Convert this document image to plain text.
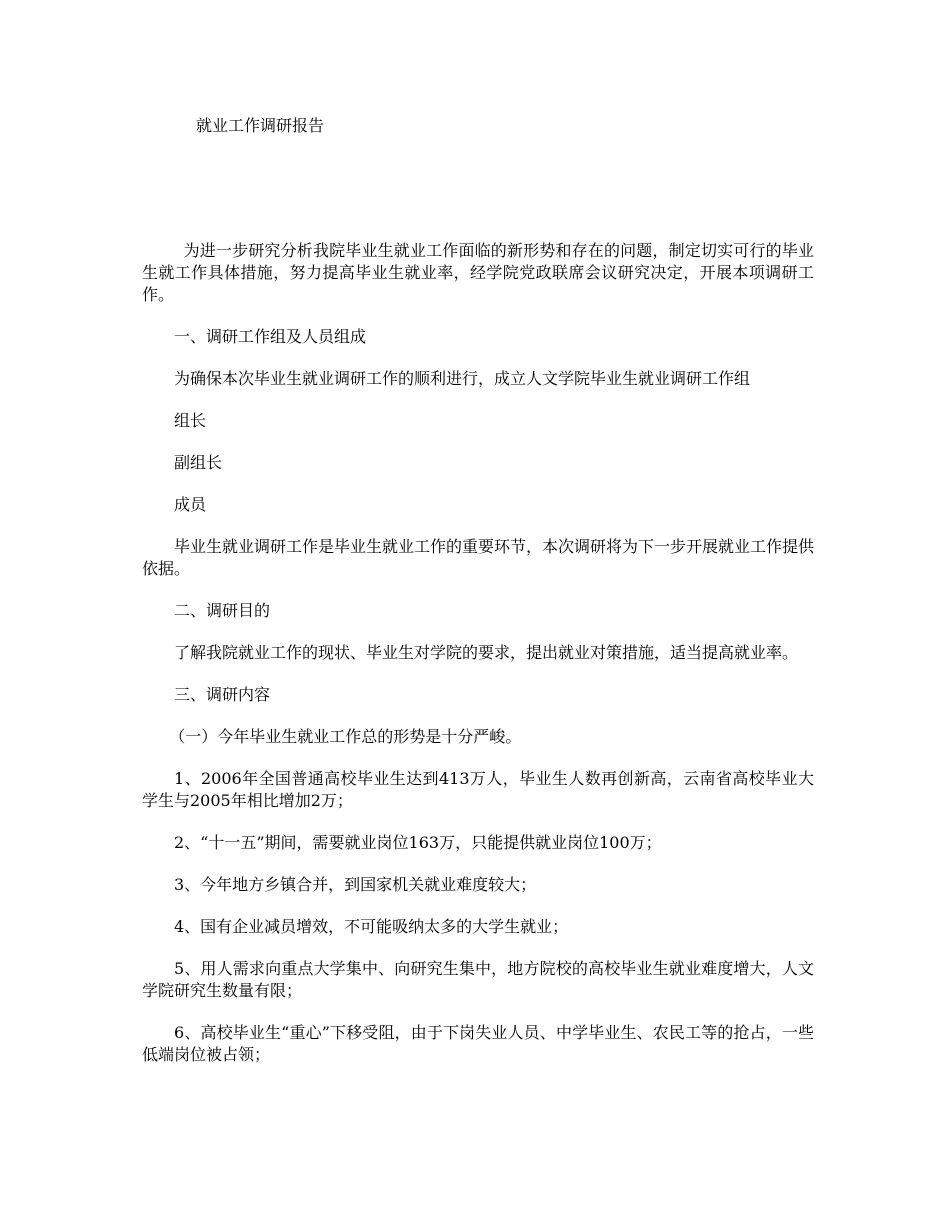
就业工作调研报告

为进一步研究分析我院毕业生就业工作面临的新形势和存在的问题，制定切实可行的毕业生就工作具体措施，努力提高毕业生就业率，经学院党政联席会议研究决定，开展本项调研工作。

一、调研工作组及人员组成

为确保本次毕业生就业调研工作的顺利进行，成立人文学院毕业生就业调研工作组

组长

副组长

成员

毕业生就业调研工作是毕业生就业工作的重要环节，本次调研将为下一步开展就业工作提供依据。

二、调研目的

了解我院就业工作的现状、毕业生对学院的要求，提出就业对策措施，适当提高就业率。

三、调研内容

（一）今年毕业生就业工作总的形势是十分严峻。

1、2006年全国普通高校毕业生达到413万人，毕业生人数再创新高，云南省高校毕业大学生与2005年相比增加2万；

2、“十一五”期间，需要就业岗位163万，只能提供就业岗位100万；

3、今年地方乡镇合并，到国家机关就业难度较大；

4、国有企业减员增效，不可能吸纳太多的大学生就业；

5、用人需求向重点大学集中、向研究生集中，地方院校的高校毕业生就业难度增大，人文学院研究生数量有限；

6、高校毕业生“重心”下移受阻，由于下岗失业人员、中学毕业生、农民工等的抢占，一些低端岗位被占领；
